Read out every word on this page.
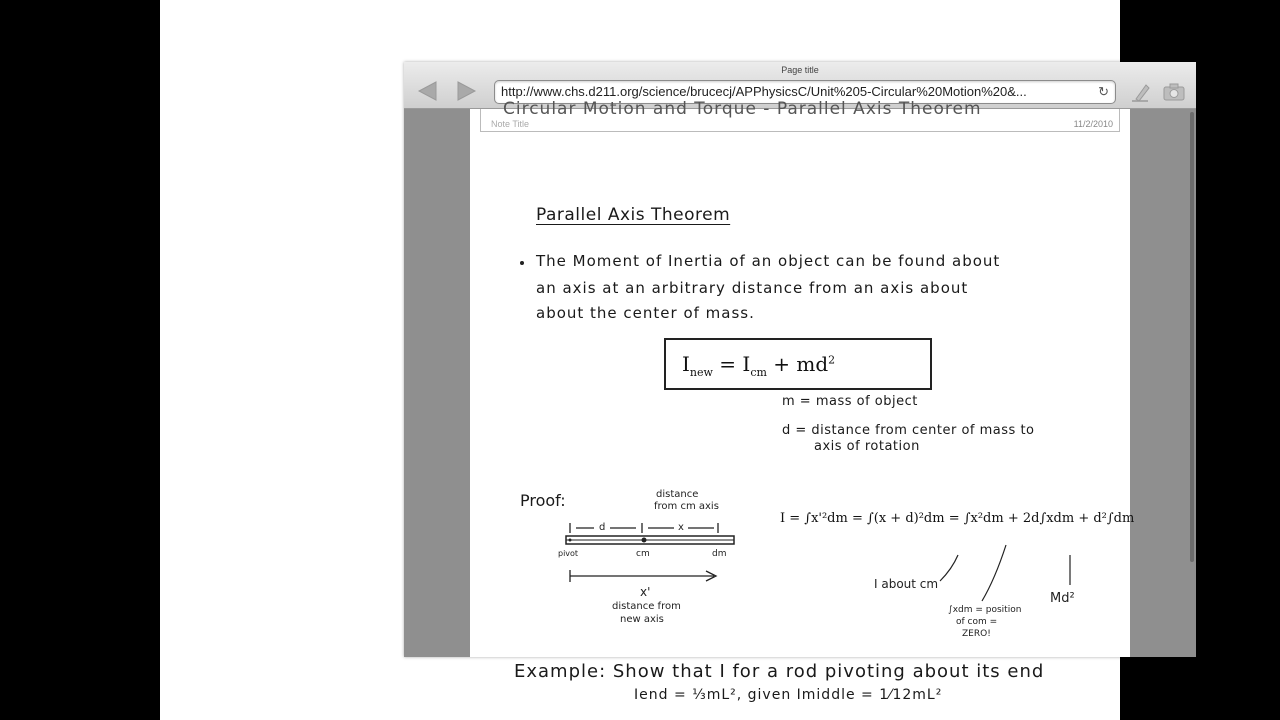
Page title
http://www.chs.d211.org/science/brucecj/APPhysicsC/Unit%205-Circular%20Motion%20&...	↻
Circular Motion and Torque - Parallel Axis Theorem
Note Title	11/2/2010
Parallel Axis Theorem
The Moment of Inertia of an object can be found about
an axis at an arbitrary distance from an axis about
about the center of mass.
$I_{new} = I_{cm} + md^2$
m = mass of object
d = distance from center of mass to
axis of rotation
Proof:
d	x
distance
from cm axis
pivot	cm	dm
x'
distance from
new axis
I = ∫x'²dm = ∫(x + d)²dm = ∫x²dm + 2d∫xdm + d²∫dm
I about cm
∫xdm = position
of com =
ZERO!
Md²
Example: Show that I for a rod pivoting about its end
Iend = ⅓mL², given Imiddle = 1⁄12mL²
